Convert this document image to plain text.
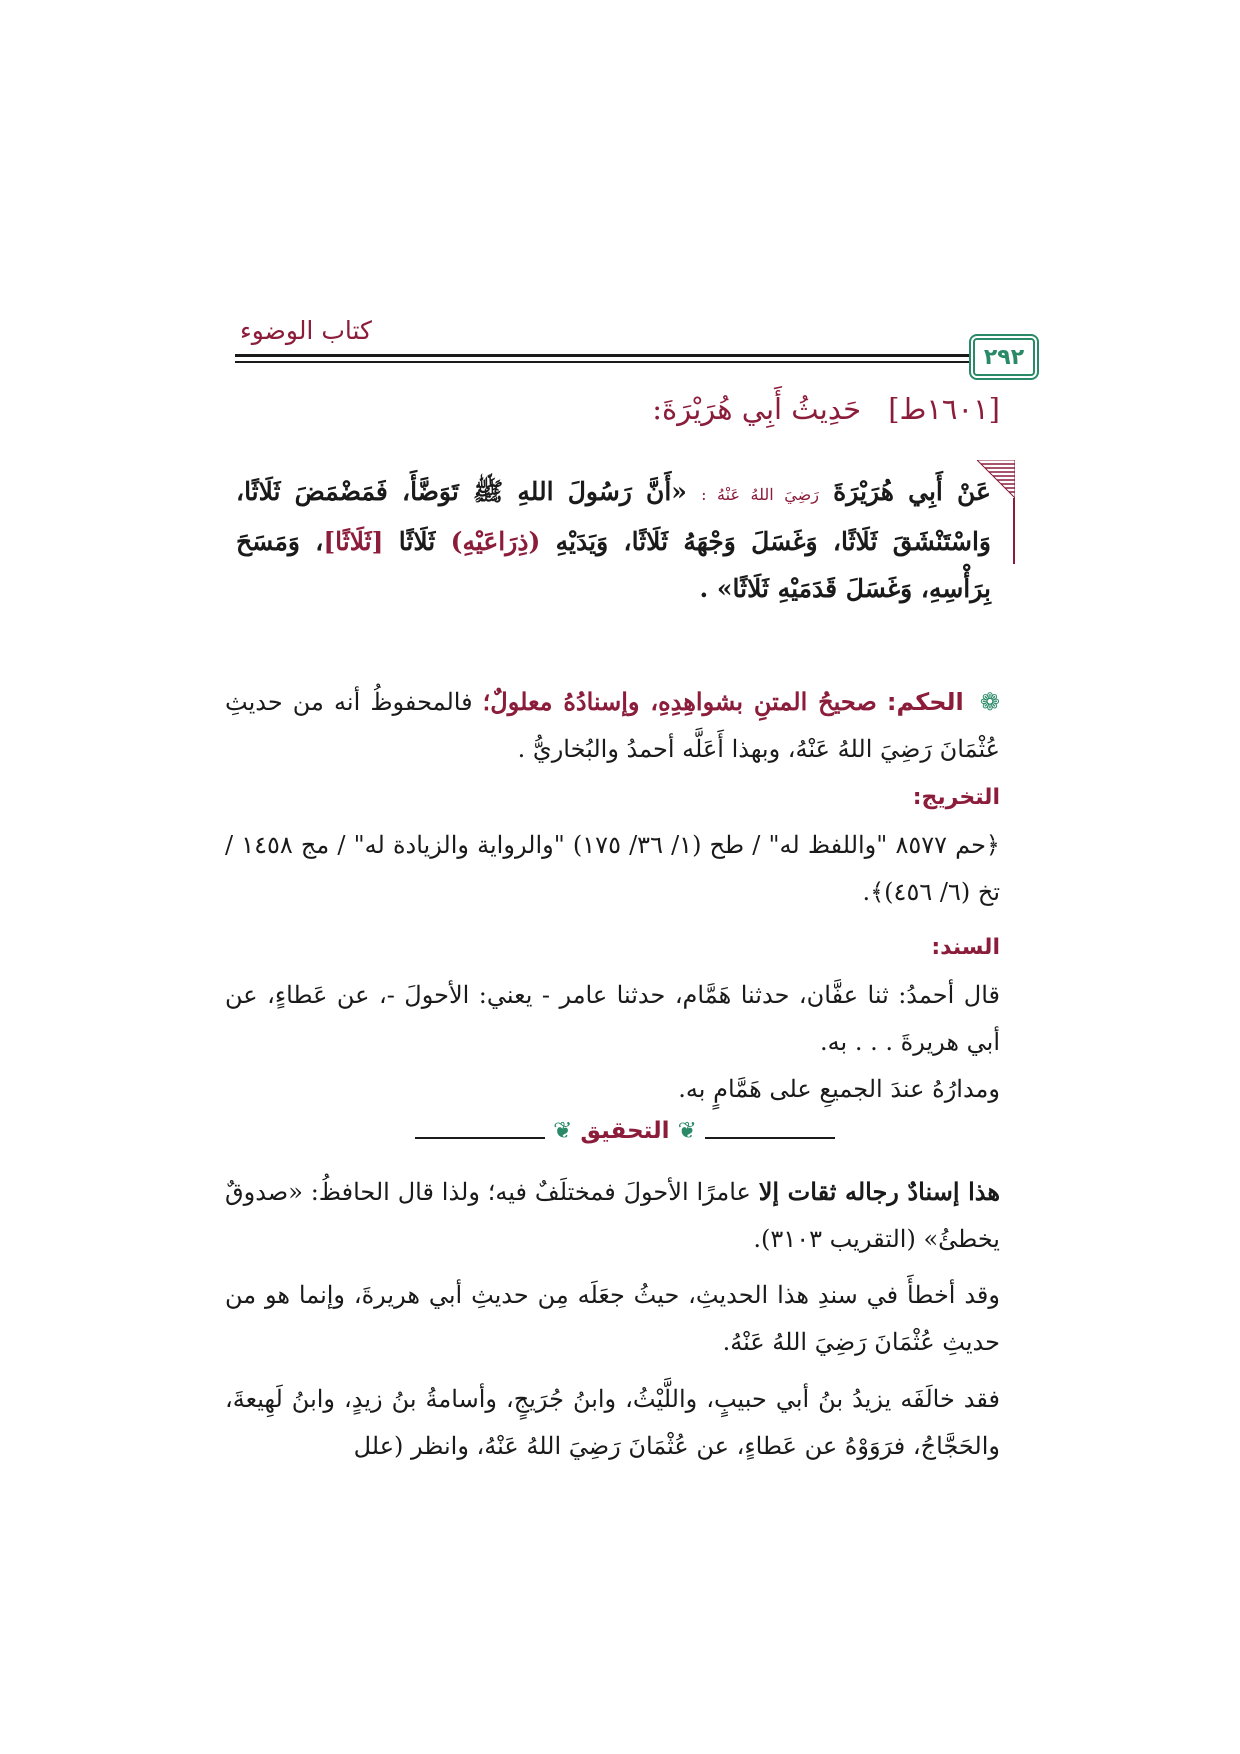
كتاب الوضوء
٢٩٢
[١٦٠١ط] حَدِيثُ أَبِي هُرَيْرَةَ:
عَنْ أَبِي هُرَيْرَةَ رَضِيَ اللهُ عَنْهُ : «أَنَّ رَسُولَ اللهِ ﷺ تَوَضَّأَ، فَمَضْمَضَ ثَلَاثًا، وَاسْتَنْشَقَ ثَلَاثًا، وَغَسَلَ وَجْهَهُ ثَلَاثًا، وَيَدَيْهِ (ذِرَاعَيْهِ) ثَلَاثًا [ثَلَاثًا]، وَمَسَحَ بِرَأْسِهِ، وَغَسَلَ قَدَمَيْهِ ثَلَاثًا» .
❁ الحكم: صحيحُ المتنِ بشواهِدِهِ، وإسنادُهُ معلولٌ؛ فالمحفوظُ أنه من حديثِ عُثْمَانَ رَضِيَ اللهُ عَنْهُ، وبهذا أَعَلَّه أحمدُ والبُخاريُّ .
التخريج:
﴿حم ٨٥٧٧ "واللفظ له" / طح (١/ ٣٦/ ١٧٥) "والرواية والزيادة له" / مج ١٤٥٨ / تخ (٦/ ٤٥٦)﴾.
السند:
قال أحمدُ: ثنا عفَّان، حدثنا هَمَّام، حدثنا عامر - يعني: الأحولَ -، عن عَطاءٍ، عن أبي هريرةَ . . . به.
ومدارُهُ عندَ الجميعِ على هَمَّامٍ به.
❦ التحقيق ❦
هذا إسنادٌ رجاله ثقات إلا عامرًا الأحولَ فمختلَفٌ فيه؛ ولذا قال الحافظُ: «صدوقٌ يخطئُ» (التقريب ٣١٠٣).
وقد أخطأَ في سندِ هذا الحديثِ، حيثُ جعَلَه مِن حديثِ أبي هريرةَ، وإنما هو من حديثِ عُثْمَانَ رَضِيَ اللهُ عَنْهُ.
فقد خالَفَه يزيدُ بنُ أبي حبيبٍ، واللَّيْثُ، وابنُ جُرَيجٍ، وأسامةُ بنُ زيدٍ، وابنُ لَهِيعةَ، والحَجَّاجُ، فرَوَوْهُ عن عَطاءٍ، عن عُثْمَانَ رَضِيَ اللهُ عَنْهُ، وانظر (علل
